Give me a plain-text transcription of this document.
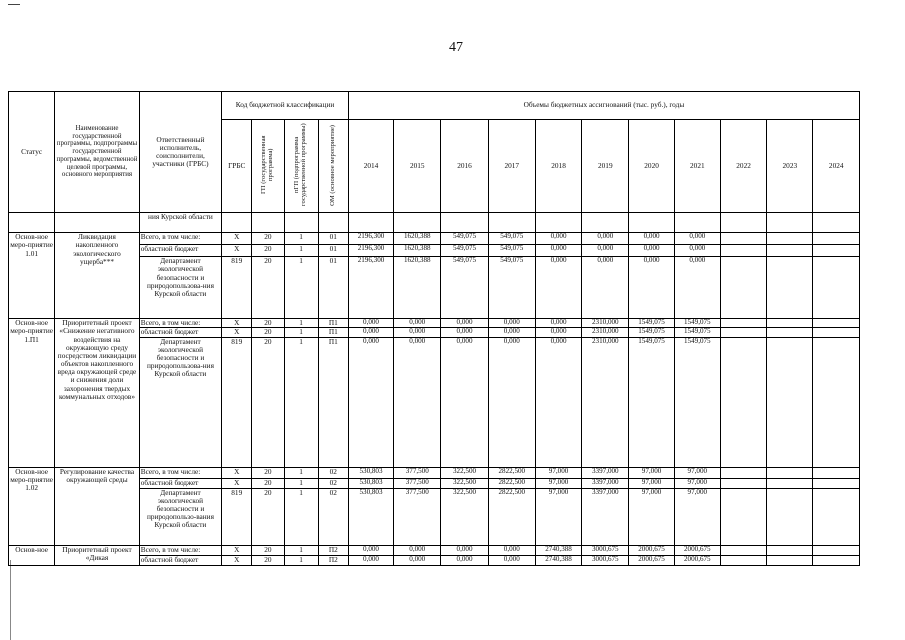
47
Статус	Наименование государственной программы, подпрограммы государственной программы, ведомственной целевой программы, основного мероприятия	Ответственный исполнитель, соисполнители, участники (ГРБС)	Код бюджетной классификации				Объемы бюджетных ассигнований (тыс. руб.), годы										
			ГРБС	ГП (государственная программа)	пГП (подпрограмма государственной программы)	ОМ (основное мероприятие)	2014	2015	2016	2017	2018	2019	2020	2021	2022	2023	2024
		ния Курской области															
Основ-ное меро-приятие 1.01	Ликвидация накопленного экологического ущерба***	Всего, в том числе:	Х	20	1	01	2196,300	1620,388	549,075	549,075	0,000	0,000	0,000	0,000			
		областной бюджет	Х	20	1	01	2196,300	1620,388	549,075	549,075	0,000	0,000	0,000	0,000			
		Департамент экологической безопасности и природопользова-ния Курской области	819	20	1	01	2196,300	1620,388	549,075	549,075	0,000	0,000	0,000	0,000			
Основ-ное меро-приятие 1.П1	Приоритетный проект «Снижение негативного воздействия на окружающую среду посредством ликвидации объектов накопленного вреда окружающей среде и снижения доли захоронения твердых коммунальных отходов»	Всего, в том числе:	Х	20	1	П1	0,000	0,000	0,000	0,000	0,000	2310,000	1549,075	1549,075			
		областной бюджет	Х	20	1	П1	0,000	0,000	0,000	0,000	0,000	2310,000	1549,075	1549,075			
		Департамент экологической безопасности и природопользова-ния Курской области	819	20	1	П1	0,000	0,000	0,000	0,000	0,000	2310,000	1549,075	1549,075			
Основ-ное меро-приятие 1.02	Регулирование качества окружающей среды	Всего, в том числе:	Х	20	1	02	530,803	377,500	322,500	2822,500	97,000	3397,000	97,000	97,000			
		областной бюджет	Х	20	1	02	530,803	377,500	322,500	2822,500	97,000	3397,000	97,000	97,000			
		Департамент экологической безопасности и природопользо-вания Курской области	819	20	1	02	530,803	377,500	322,500	2822,500	97,000	3397,000	97,000	97,000			
Основ-ное	Приоритетный проект «Дикая	Всего, в том числе:	Х	20	1	П2	0,000	0,000	0,000	0,000	2740,388	3000,675	2000,675	2000,675			
		областной бюджет	Х	20	1	П2	0,000	0,000	0,000	0,000	2740,388	3000,675	2000,675	2000,675			
